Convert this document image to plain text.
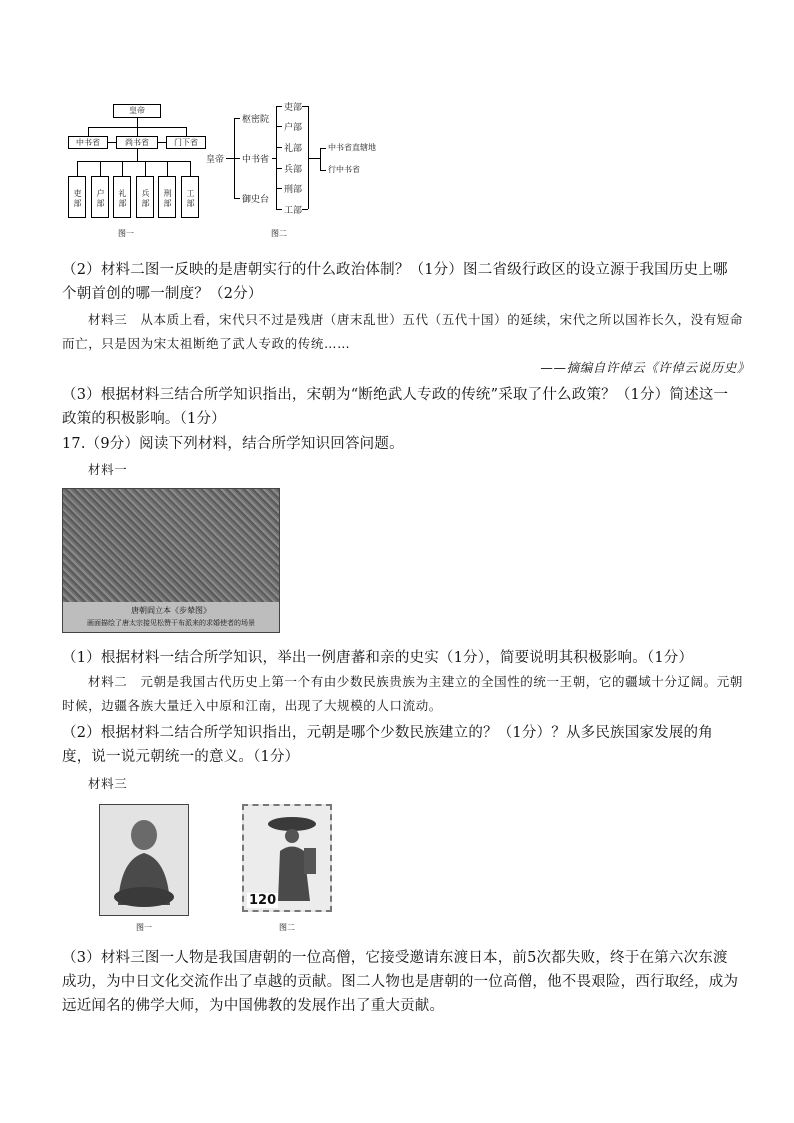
皇帝
中书省	尚书省	门下省
吏部	户部	礼部	兵部	刑部	工部
图一
皇帝
枢密院
中书省
御史台
吏部
户部
礼部
兵部
刑部
工部
中书省直辖地
行中书省
图二
（2）材料二图一反映的是唐朝实行的什么政治体制？（1分）图二省级行政区的设立源于我国历史上哪个朝首创的哪一制度？（2分）
材料三　从本质上看，宋代只不过是残唐（唐末乱世）五代（五代十国）的延续，宋代之所以国祚长久，没有短命而亡，只是因为宋太祖断绝了武人专政的传统……
——摘编自许倬云《许倬云说历史》
（3）根据材料三结合所学知识指出，宋朝为“断绝武人专政的传统”采取了什么政策？（1分）简述这一政策的积极影响。（1分）
17.（9分）阅读下列材料，结合所学知识回答问题。
材料一
唐朝阎立本《步辇图》
画面描绘了唐太宗接见松赞干布派来的求婚使者的场景
（1）根据材料一结合所学知识，举出一例唐蕃和亲的史实（1分），简要说明其积极影响。（1分）
材料二　元朝是我国古代历史上第一个有由少数民族贵族为主建立的全国性的统一王朝，它的疆域十分辽阔。元朝时候，边疆各族大量迁入中原和江南，出现了大规模的人口流动。
（2）根据材料二结合所学知识指出，元朝是哪个少数民族建立的？（1分）？从多民族国家发展的角度，说一说元朝统一的意义。（1分）
材料三
图一
120
图二
（3）材料三图一人物是我国唐朝的一位高僧，它接受邀请东渡日本，前5次都失败，终于在第六次东渡成功，为中日文化交流作出了卓越的贡献。图二人物也是唐朝的一位高僧，他不畏艰险，西行取经，成为远近闻名的佛学大师，为中国佛教的发展作出了重大贡献。
